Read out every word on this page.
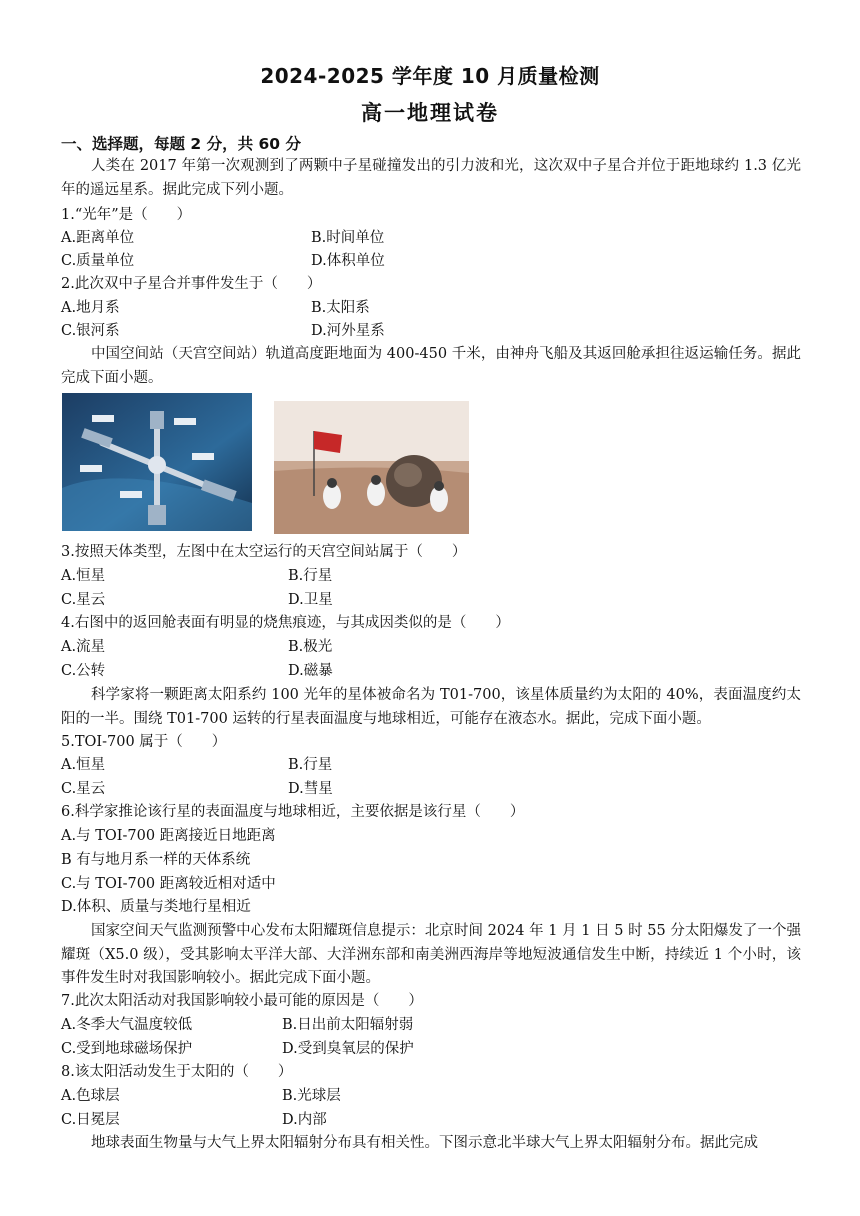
2024-2025 学年度 10 月质量检测
高一地理试卷
一、选择题，每题 2 分，共 60 分
人类在 2017 年第一次观测到了两颗中子星碰撞发出的引力波和光，这次双中子星合并位于距地球约 1.3 亿光年的遥远星系。据此完成下列小题。
1.“光年”是（　　）
A.距离单位	B.时间单位
C.质量单位	D.体积单位
2.此次双中子星合并事件发生于（　　）
A.地月系	B.太阳系
C.银河系	D.河外星系
中国空间站（天宫空间站）轨道高度距地面为 400-450 千米，由神舟飞船及其返回舱承担往返运输任务。据此完成下面小题。
3.按照天体类型，左图中在太空运行的天宫空间站属于（　　）
A.恒星	B.行星
C.星云	D.卫星
4.右图中的返回舱表面有明显的烧焦痕迹，与其成因类似的是（　　）
A.流星	B.极光
C.公转	D.磁暴
科学家将一颗距离太阳系约 100 光年的星体被命名为 T01-700，该星体质量约为太阳的 40%，表面温度约太阳的一半。围绕 T01-700 运转的行星表面温度与地球相近，可能存在液态水。据此，完成下面小题。
5.TOI-700 属于（　　）
A.恒星	B.行星
C.星云	D.彗星
6.科学家推论该行星的表面温度与地球相近，主要依据是该行星（　　）
A.与 TOI-700 距离接近日地距离
B 有与地月系一样的天体系统
C.与 TOI-700 距离较近相对适中
D.体积、质量与类地行星相近
国家空间天气监测预警中心发布太阳耀斑信息提示：北京时间 2024 年 1 月 1 日 5 时 55 分太阳爆发了一个强耀斑（X5.0 级），受其影响太平洋大部、大洋洲东部和南美洲西海岸等地短波通信发生中断，持续近 1 个小时，该事件发生时对我国影响较小。据此完成下面小题。
7.此次太阳活动对我国影响较小最可能的原因是（　　）
A.冬季大气温度较低	B.日出前太阳辐射弱
C.受到地球磁场保护	D.受到臭氧层的保护
8.该太阳活动发生于太阳的（　　）
A.色球层	B.光球层
C.日冕层	D.内部
地球表面生物量与大气上界太阳辐射分布具有相关性。下图示意北半球大气上界太阳辐射分布。据此完成
